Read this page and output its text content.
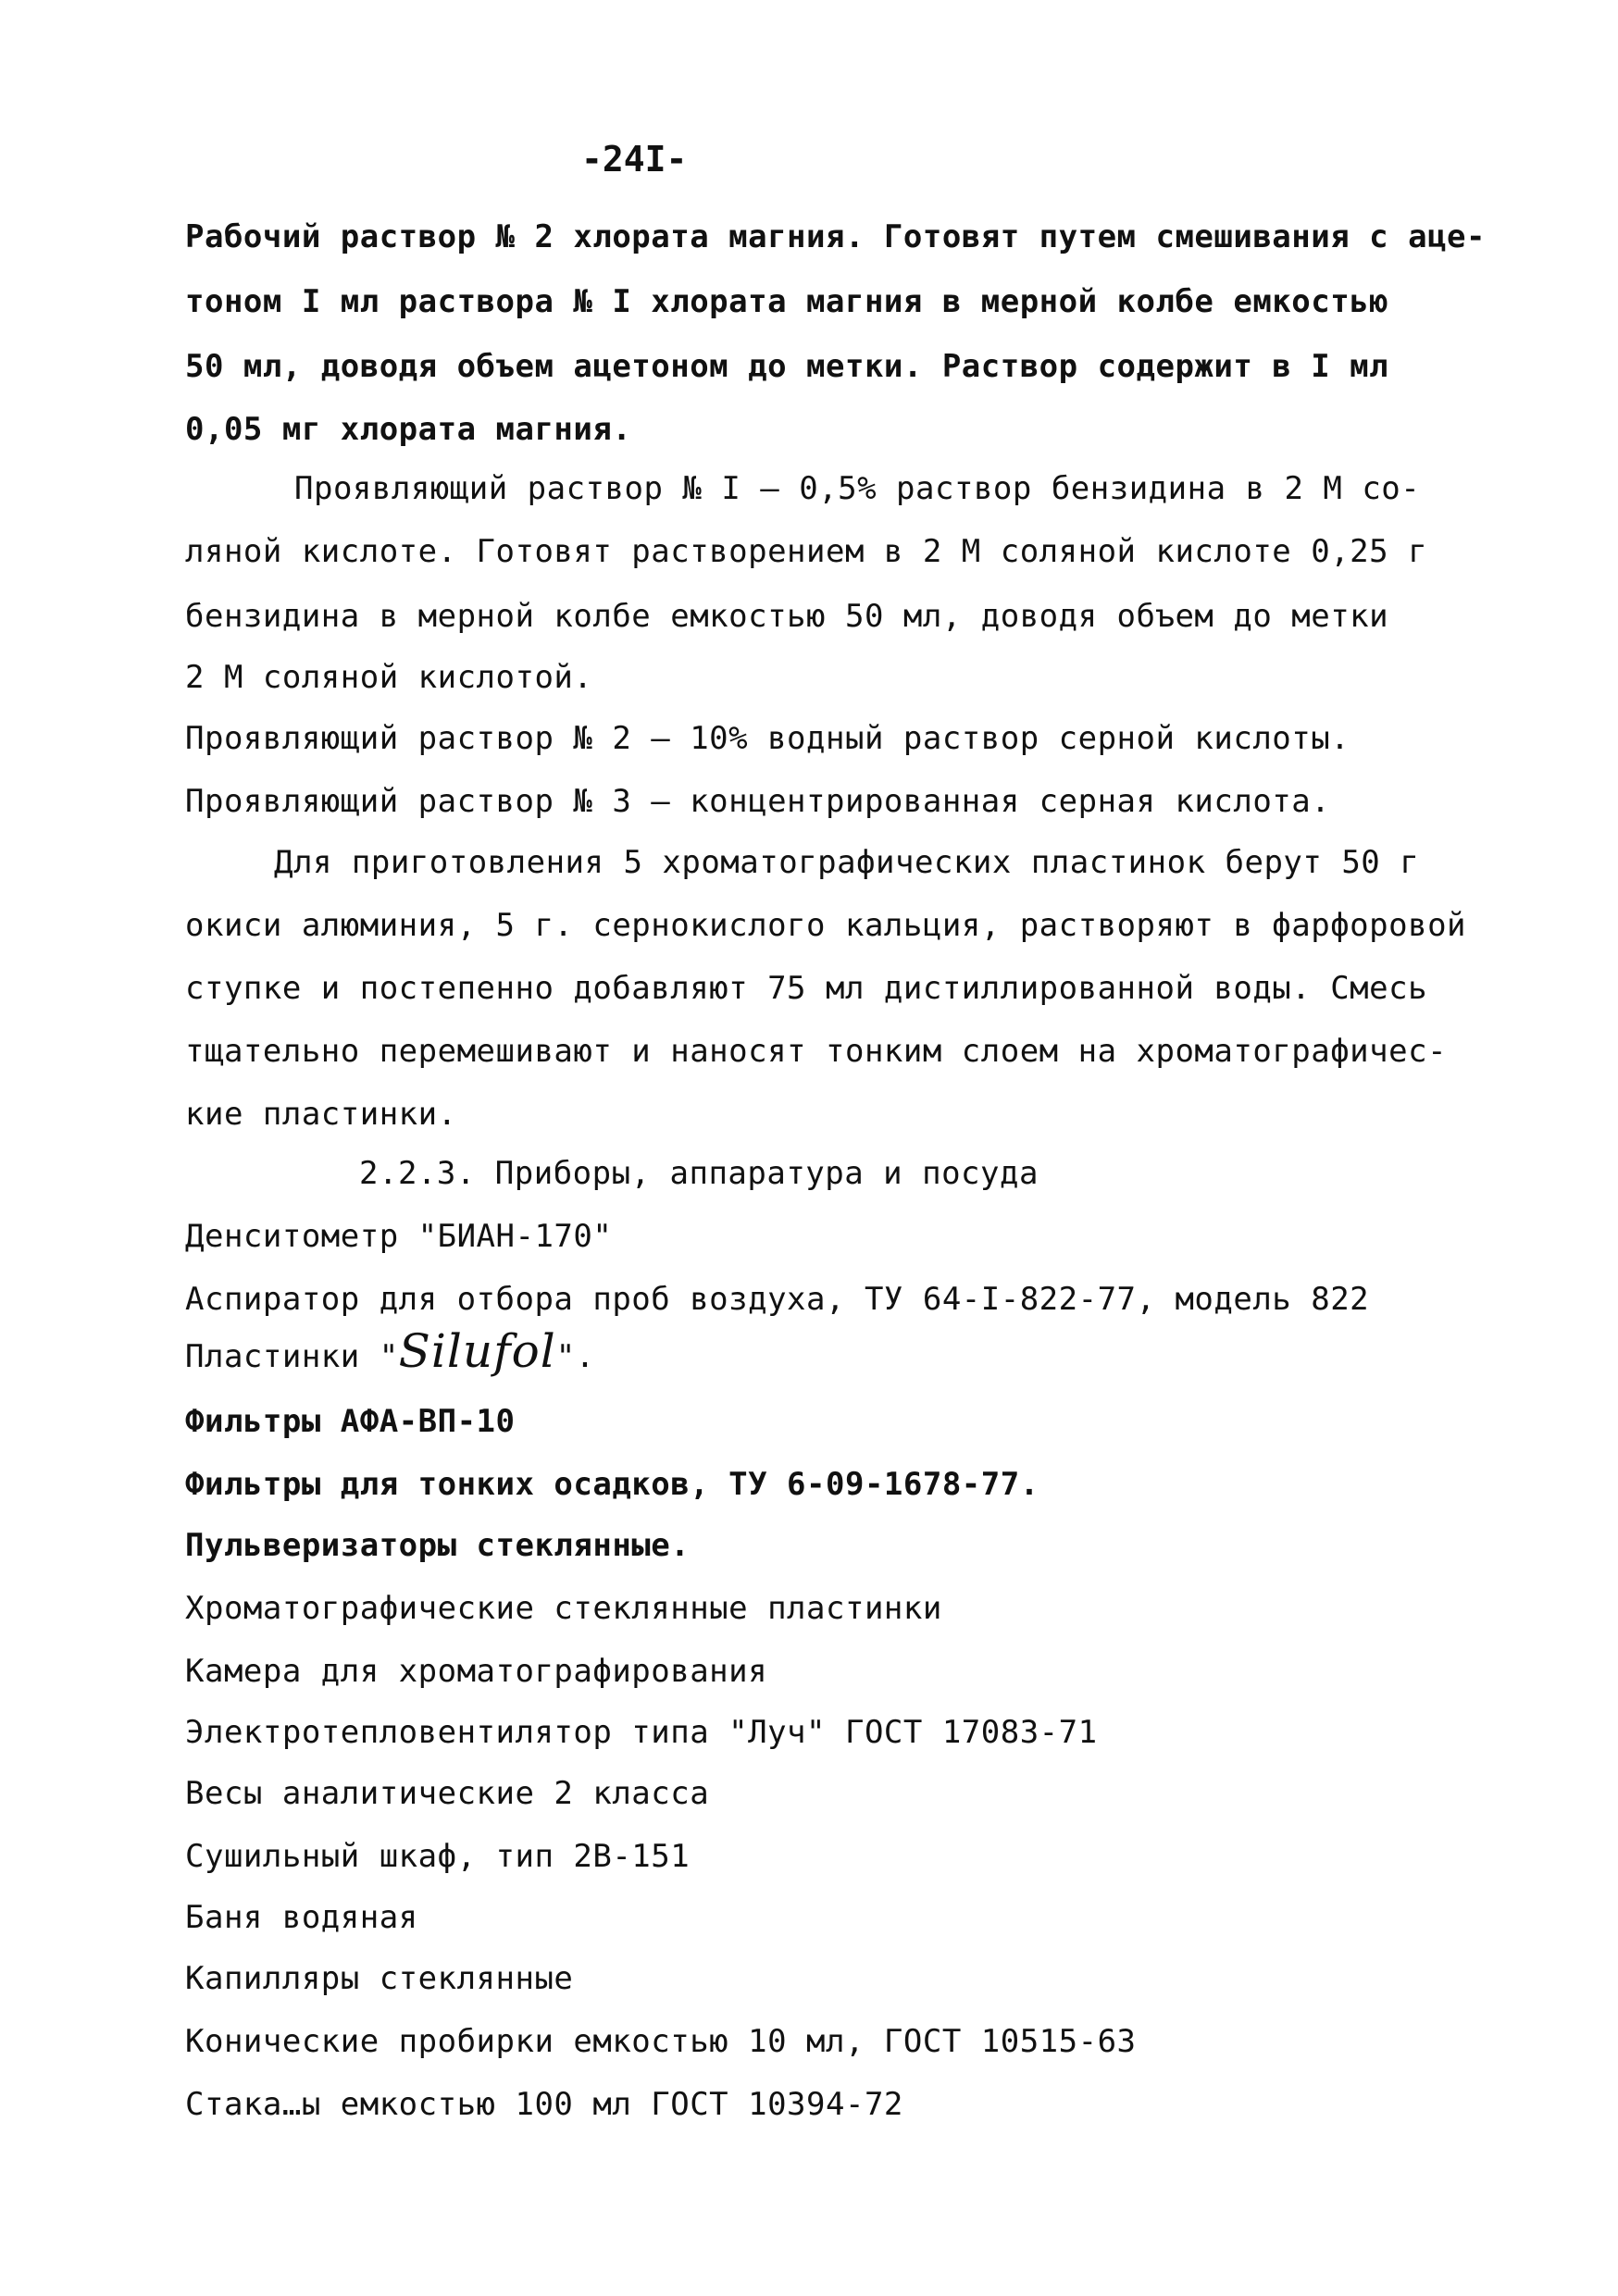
-24I-
Рабочий раствор № 2 хлората магния. Готовят путем смешивания с аце-
тоном I мл раствора № I хлората магния в мерной колбе емкостью
50 мл, доводя объем ацетоном до метки. Раствор содержит в I мл
0,05 мг хлората магния.
Проявляющий раствор № I – 0,5% раствор бензидина в 2 М со-
ляной кислоте. Готовят растворением в 2 М соляной кислоте 0,25 г
бензидина в мерной колбе емкостью 50 мл, доводя объем до метки
2 М соляной кислотой.
Проявляющий раствор № 2 – 10% водный раствор серной кислоты.
Проявляющий раствор № 3 – концентрированная серная кислота.
Для приготовления 5 хроматографических пластинок берут 50 г
окиси алюминия, 5 г. сернокислого кальция, растворяют в фарфоровой
ступке и постепенно добавляют 75 мл дистиллированной воды. Смесь
тщательно перемешивают и наносят тонким слоем на хроматографичес-
кие пластинки.
2.2.3. Приборы, аппаратура и посуда
Денситометр "БИАН-170"
Аспиратор для отбора проб воздуха, ТУ 64-I-822-77, модель 822
Пластинки "Silufol".
Фильтры АФА-ВП-10
Фильтры для тонких осадков, ТУ 6-09-1678-77.
Пульверизаторы стеклянные.
Хроматографические стеклянные пластинки
Камера для хроматографирования
Электротепловентилятор типа "Луч" ГОСТ 17083-71
Весы аналитические 2 класса
Сушильный шкаф, тип 2В-151
Баня водяная
Капилляры стеклянные
Конические пробирки емкостью 10 мл, ГОСТ 10515-63
Стака…ы емкостью 100 мл ГОСТ 10394-72
